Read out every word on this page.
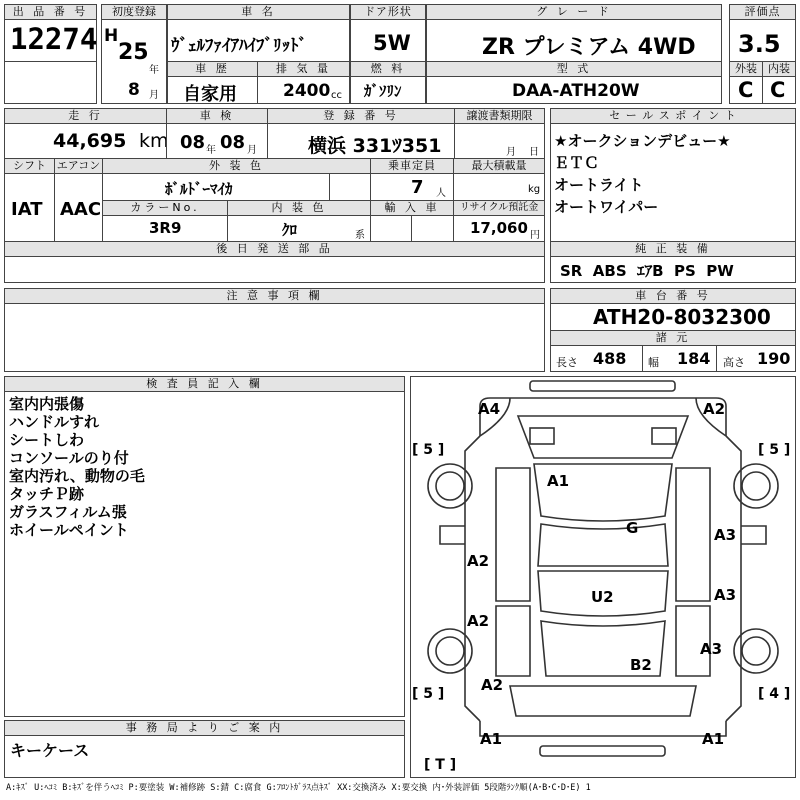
出 品 番 号
12274
初度登録
H
25
年
8 月
車 名
ｳﾞｪﾙﾌｧｲｱﾊｲﾌﾞﾘｯﾄﾞ
車 歴	排 気 量
自家用	2400 cc
ドア形状
5W
燃 料
ｶﾞｿﾘﾝ
グ レ ー ド
ZR プレミアム 4WD
型 式
DAA-ATH20W
評価点
3.5
外装	内装
C C
走 行
44,695 km
車 検
08 年 08 月
登 録 番 号
横浜 331ﾂ351
譲渡書類期限
月 日
シフト エアコン
IAT AAC
外 装 色
ﾎﾞﾙﾄﾞｰﾏｲｶ
乗車定員
7 人
最大積載量
kg
カラーNo.
3R9
内 装 色
ｸﾛ	系
輸 入 車	リサイクル預託金
17,060 円
後 日 発 送 部 品
セ ー ル ス ポ イ ン ト
★オークションデビュー★
ＥＴＣ
オートライト
オートワイパー
純 正 装 備
SR  ABS  ｴｱB  PS  PW
注 意 事 項 欄	車 台 番 号
ATH20-8032300
諸 元
長さ 488 幅 184 高さ 190
検 査 員 記 入 欄
室内内張傷
ハンドルすれ
シートしわ
コンソールのり付
室内汚れ、動物の毛
タッチＰ跡
ガラスフィルム張
ホイールペイント
事 務 局 よ り ご 案 内
キーケース
A4	A2
A1
G
A2
A2
U2
A3
A3
A3
B2
A2
A1	A1
[ 5 ]	[ 5 ]
[ 5 ]	[ 4 ]
[ T ]
A:ｷｽﾞ U:ﾍｺﾐ B:ｷｽﾞを伴うﾍｺﾐ P:要塗装 W:補修跡 S:錆 C:腐食 G:ﾌﾛﾝﾄｶﾞﾗｽ点ｷｽﾞ XX:交換済み X:要交換 内･外装評価 5段階ﾗﾝｸ順(A･B･C･D･E) 1
